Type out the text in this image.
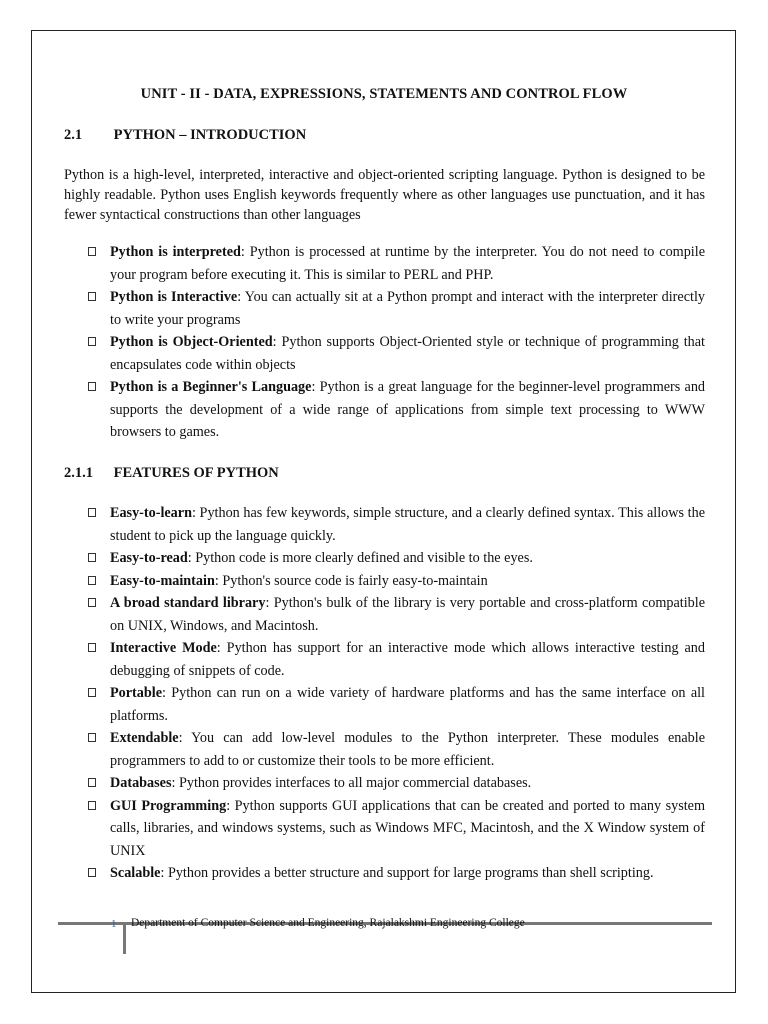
UNIT - II - DATA, EXPRESSIONS, STATEMENTS AND CONTROL FLOW
2.1 PYTHON – INTRODUCTION
Python is a high-level, interpreted, interactive and object-oriented scripting language. Python is designed to be highly readable. Python uses English keywords frequently where as other languages use punctuation, and it has fewer syntactical constructions than other languages
Python is interpreted: Python is processed at runtime by the interpreter. You do not need to compile your program before executing it. This is similar to PERL and PHP.
Python is Interactive: You can actually sit at a Python prompt and interact with the interpreter directly to write your programs
Python is Object-Oriented: Python supports Object-Oriented style or technique of programming that encapsulates code within objects
Python is a Beginner's Language: Python is a great language for the beginner-level programmers and supports the development of a wide range of applications from simple text processing to WWW browsers to games.
2.1.1 FEATURES OF PYTHON
Easy-to-learn: Python has few keywords, simple structure, and a clearly defined syntax. This allows the student to pick up the language quickly.
Easy-to-read: Python code is more clearly defined and visible to the eyes.
Easy-to-maintain: Python's source code is fairly easy-to-maintain
A broad standard library: Python's bulk of the library is very portable and cross-platform compatible on UNIX, Windows, and Macintosh.
Interactive Mode: Python has support for an interactive mode which allows interactive testing and debugging of snippets of code.
Portable: Python can run on a wide variety of hardware platforms and has the same interface on all platforms.
Extendable: You can add low-level modules to the Python interpreter. These modules enable programmers to add to or customize their tools to be more efficient.
Databases: Python provides interfaces to all major commercial databases.
GUI Programming: Python supports GUI applications that can be created and ported to many system calls, libraries, and windows systems, such as Windows MFC, Macintosh, and the X Window system of UNIX
Scalable: Python provides a better structure and support for large programs than shell scripting.
1 Department of Computer Science and Engineering, Rajalakshmi Engineering College
